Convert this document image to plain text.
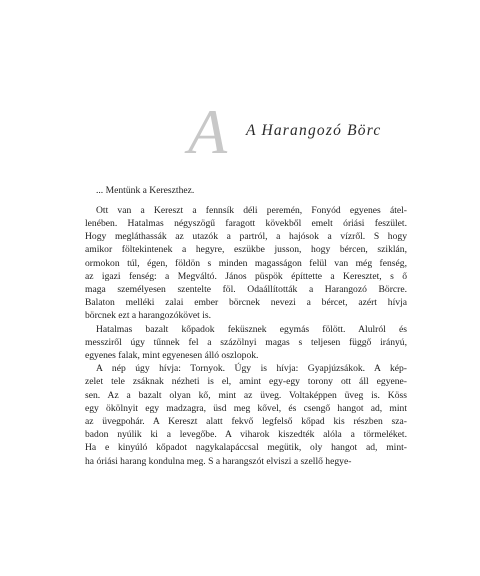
A A Harangozó Börc
... Mentünk a Kereszthez.
Ott van a Kereszt a fennsík déli peremén, Fonyód egyenes átel-
lenében. Hatalmas négyszögű faragott kövekből emelt óriási feszület.
Hogy megláthassák az utazók a partról, a hajósok a vízről. S hogy
amikor föltekintenek a hegyre, eszükbe jusson, hogy bércen, sziklán,
ormokon túl, égen, földön s minden magasságon felül van még fenség,
az igazi fenség: a Megváltó. János püspök építtette a Keresztet, s ő
maga személyesen szentelte föl. Odaállították a Harangozó Börcre.
Balaton melléki zalai ember börcnek nevezi a bércet, azért hívja
börcnek ezt a harangozókövet is.
Hatalmas bazalt kőpadok feküsznek egymás fölött. Alulról és
messziről úgy tűnnek fel a százölnyi magas s teljesen függő irányú,
egyenes falak, mint egyenesen álló oszlopok.
A nép úgy hívja: Tornyok. Úgy is hívja: Gyapjúzsákok. A kép-
zelet tele zsáknak nézheti is el, amint egy-egy torony ott áll egyene-
sen. Az a bazalt olyan kő, mint az üveg. Voltaképpen üveg is. Köss
egy ökölnyit egy madzagra, üsd meg kővel, és csengő hangot ad, mint
az üvegpohár. A Kereszt alatt fekvő legfelső kőpad kis részben sza-
badon nyúlik ki a levegőbe. A viharok kiszedték alóla a törmeléket.
Ha e kinyúló kőpadot nagykalapáccsal megütik, oly hangot ad, mint-
ha óriási harang kondulna meg. S a harangszót elviszi a szellő hegye-
